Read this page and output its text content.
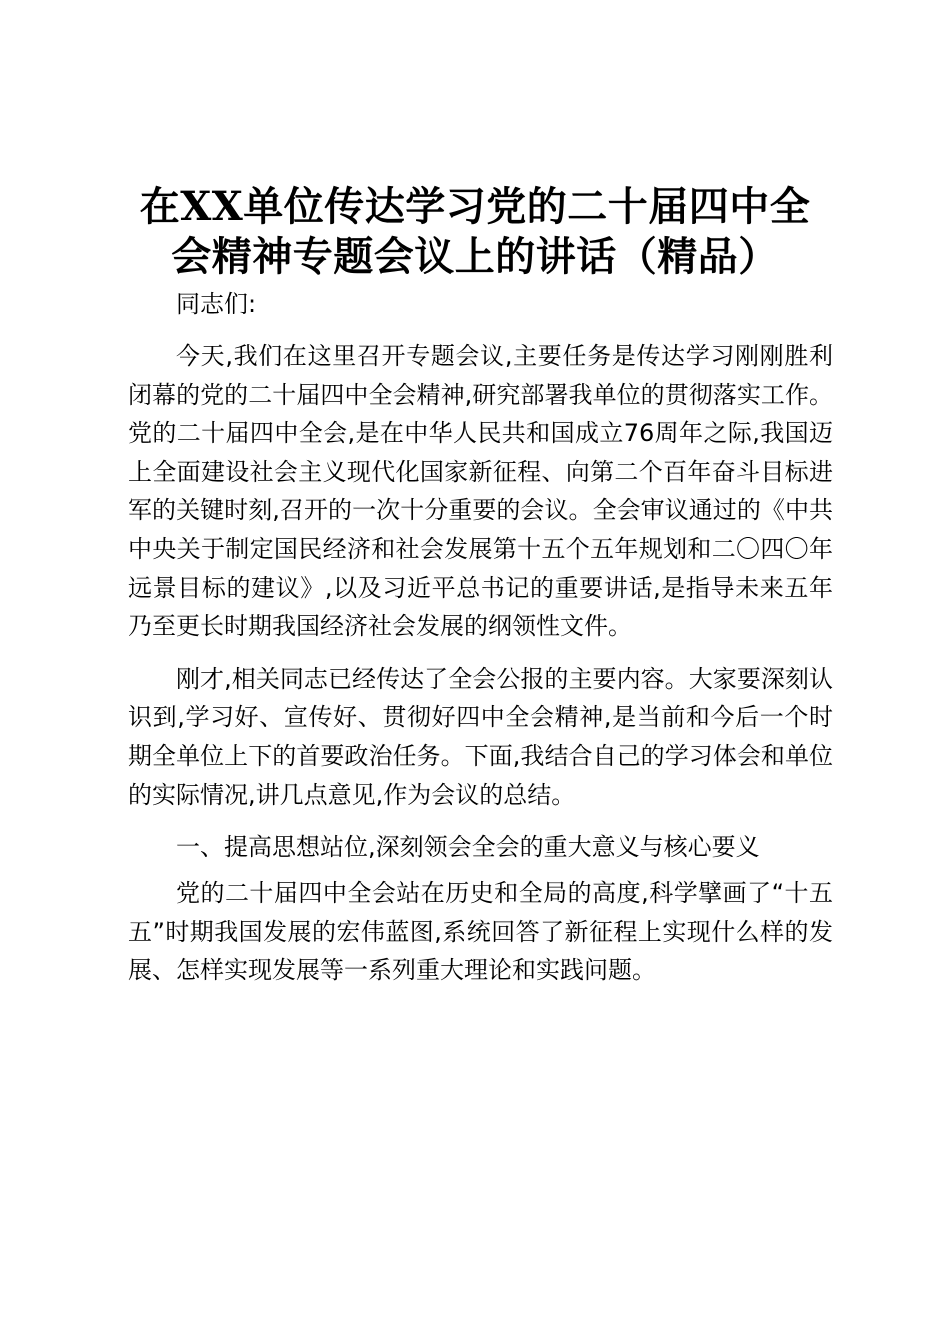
在XX单位传达学习党的二十届四中全
会精神专题会议上的讲话（精品）

同志们:

今天,我们在这里召开专题会议,主要任务是传达学习刚刚胜利闭幕的党的二十届四中全会精神,研究部署我单位的贯彻落实工作。党的二十届四中全会,是在中华人民共和国成立76周年之际,我国迈上全面建设社会主义现代化国家新征程、向第二个百年奋斗目标进军的关键时刻,召开的一次十分重要的会议。全会审议通过的《中共中央关于制定国民经济和社会发展第十五个五年规划和二〇四〇年远景目标的建议》,以及习近平总书记的重要讲话,是指导未来五年乃至更长时期我国经济社会发展的纲领性文件。

刚才,相关同志已经传达了全会公报的主要内容。大家要深刻认识到,学习好、宣传好、贯彻好四中全会精神,是当前和今后一个时期全单位上下的首要政治任务。下面,我结合自己的学习体会和单位的实际情况,讲几点意见,作为会议的总结。

一、提高思想站位,深刻领会全会的重大意义与核心要义

党的二十届四中全会站在历史和全局的高度,科学擘画了“十五五”时期我国发展的宏伟蓝图,系统回答了新征程上实现什么样的发展、怎样实现发展等一系列重大理论和实践问题。
